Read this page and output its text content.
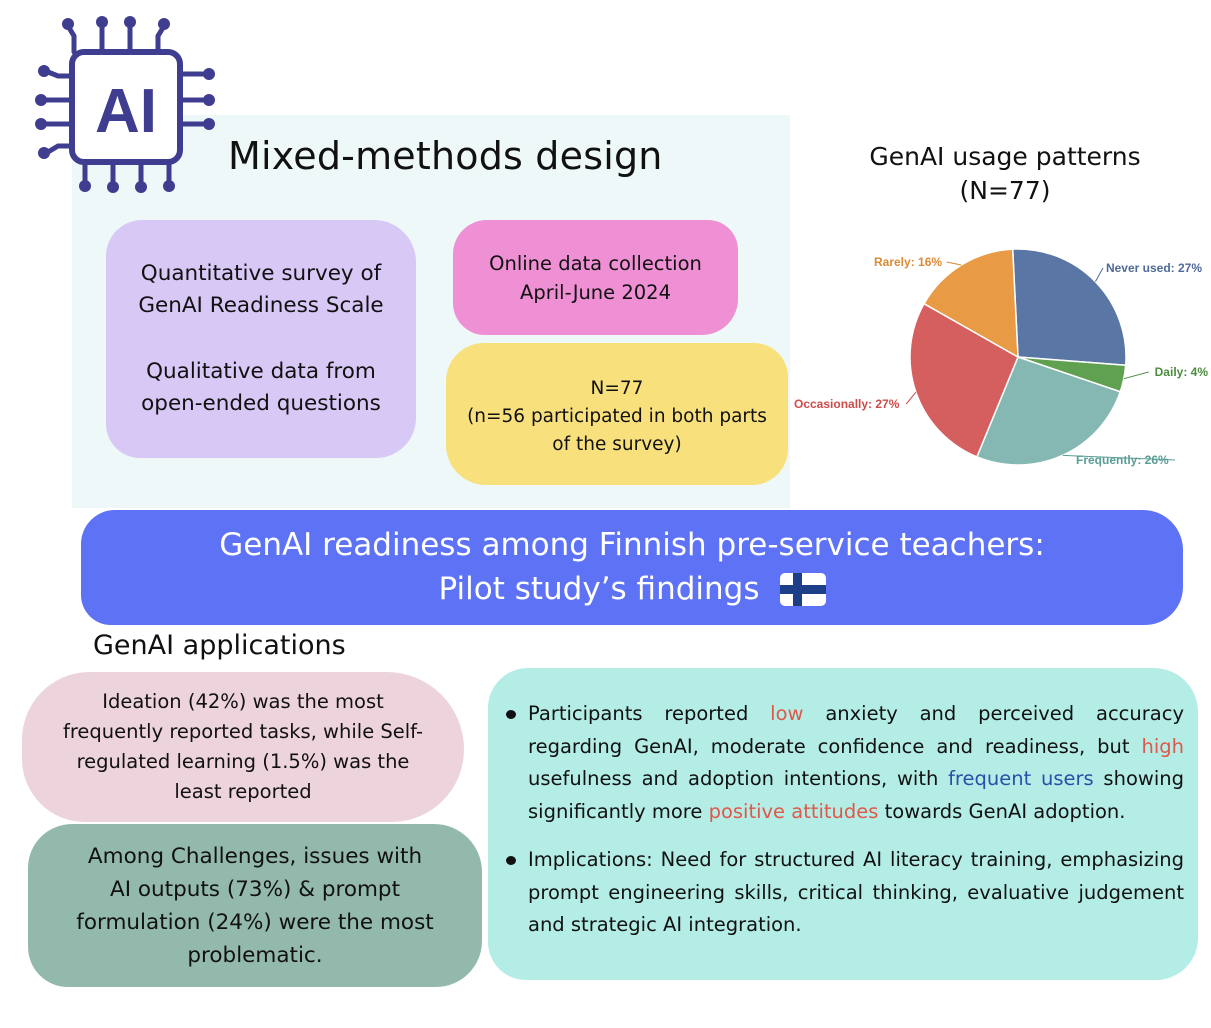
AI
Mixed-methods design
Quantitative survey of
GenAI Readiness Scale
Qualitative data from
open-ended questions
Online data collection
April-June 2024
N=77
(n=56 participated in both parts
of the survey)
GenAI usage patterns
(N=77)
Never used: 27%
Daily: 4%
Frequently: 26%
Occasionally: 27%
Rarely: 16%
GenAI readiness among Finnish pre-service teachers:
Pilot study’s findings
GenAI applications
Ideation (42%) was the most frequently reported tasks, while Self-regulated learning (1.5%) was the least reported
Among Challenges, issues with
AI outputs (73%) & prompt
formulation (24%) were the most
problematic.

Participants reported low anxiety and perceived accuracy regarding GenAI, moderate confidence and readiness, but high usefulness and adoption intentions, with frequent users showing significantly more positive attitudes towards GenAI adoption.

Implications: Need for structured AI literacy training, emphasizing prompt engineering skills, critical thinking, evaluative judgement and strategic AI integration.
